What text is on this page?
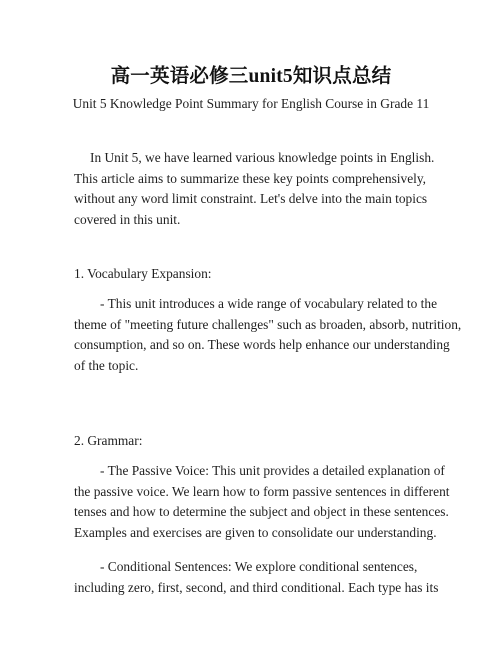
高一英语必修三unit5知识点总结
Unit 5 Knowledge Point Summary for English Course in Grade 11
In Unit 5, we have learned various knowledge points in English.
This article aims to summarize these key points comprehensively,
without any word limit constraint. Let's delve into the main topics
covered in this unit.
1. Vocabulary Expansion:
- This unit introduces a wide range of vocabulary related to the
theme of "meeting future challenges" such as broaden, absorb, nutrition,
consumption, and so on. These words help enhance our understanding
of the topic.
2. Grammar:
- The Passive Voice: This unit provides a detailed explanation of
the passive voice. We learn how to form passive sentences in different
tenses and how to determine the subject and object in these sentences.
Examples and exercises are given to consolidate our understanding.
- Conditional Sentences: We explore conditional sentences,
including zero, first, second, and third conditional. Each type has its
